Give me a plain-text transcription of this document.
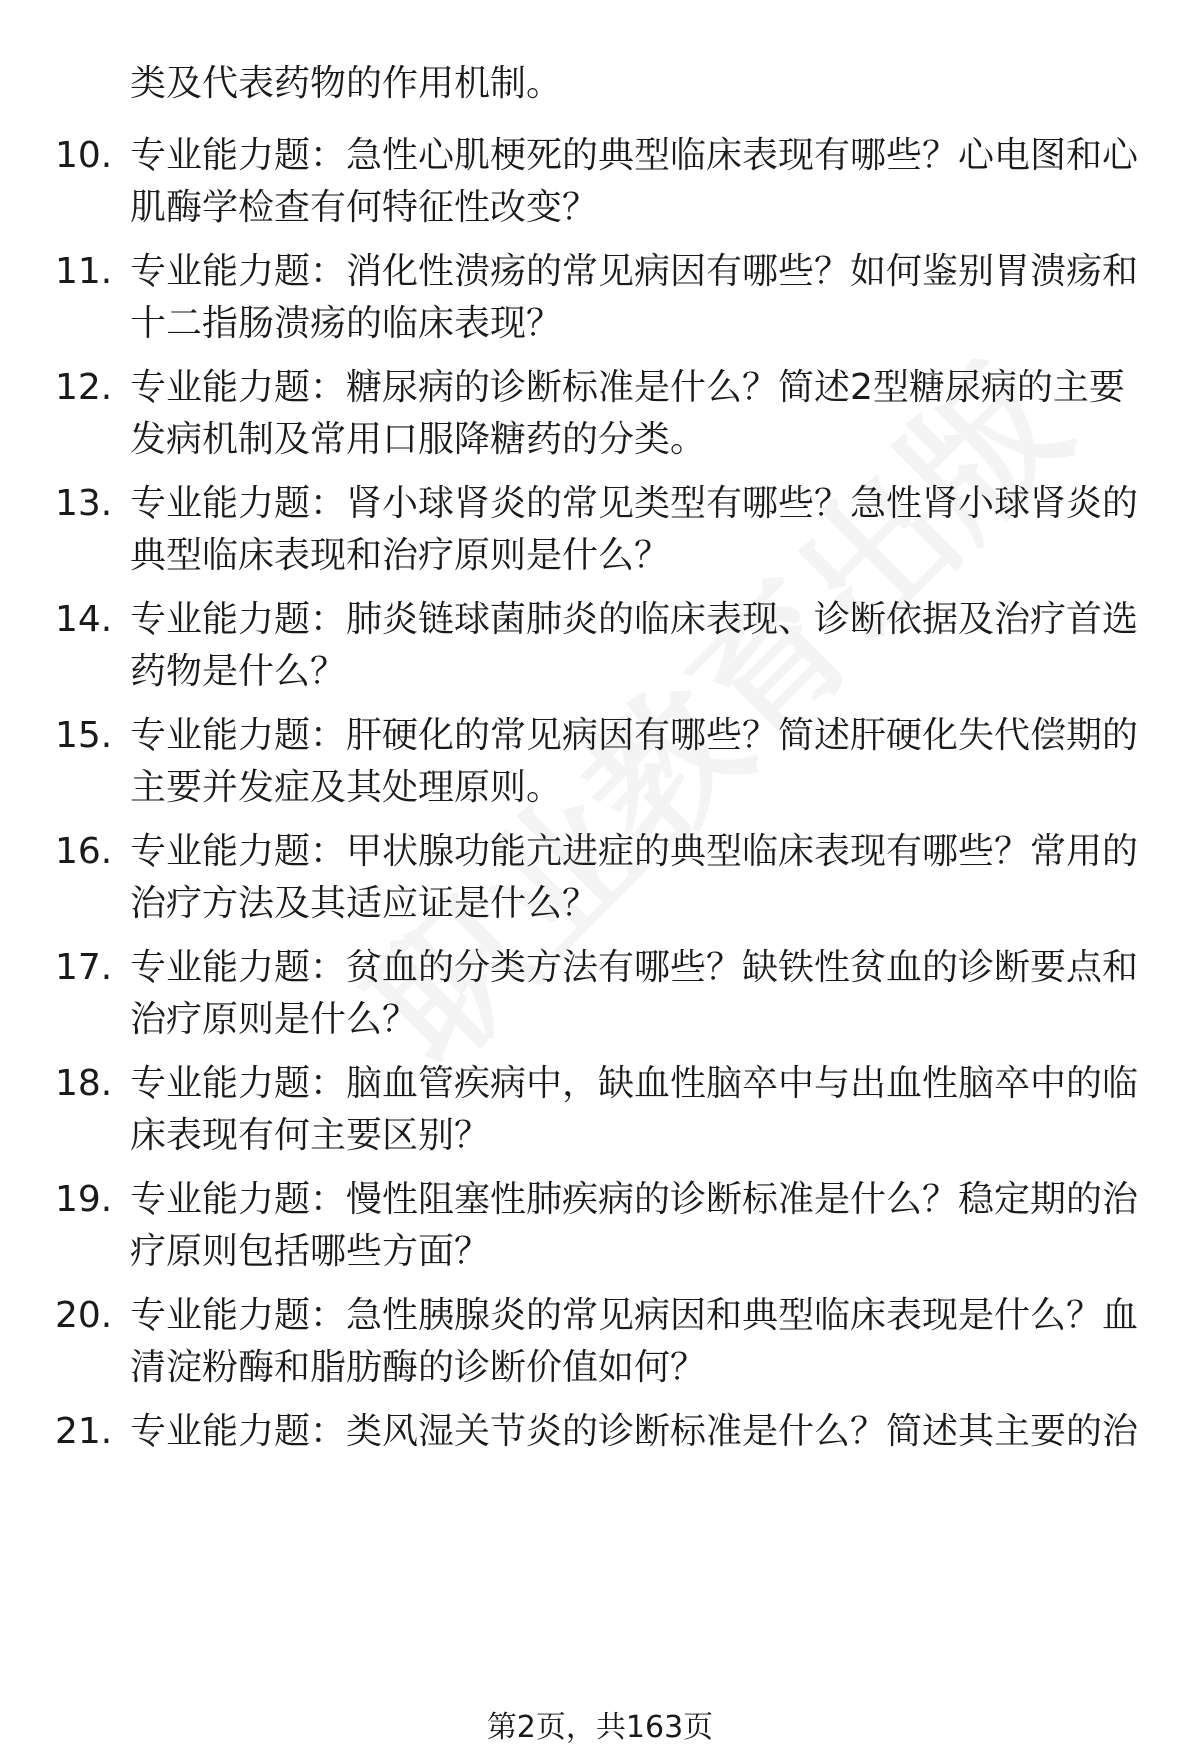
类及代表药物的作用机制。

10. 专业能力题：急性心肌梗死的典型临床表现有哪些？心电图和心肌酶学检查有何特征性改变？

11. 专业能力题：消化性溃疡的常见病因有哪些？如何鉴别胃溃疡和十二指肠溃疡的临床表现？

12. 专业能力题：糖尿病的诊断标准是什么？简述2型糖尿病的主要发病机制及常用口服降糖药的分类。

13. 专业能力题：肾小球肾炎的常见类型有哪些？急性肾小球肾炎的典型临床表现和治疗原则是什么？

14. 专业能力题：肺炎链球菌肺炎的临床表现、诊断依据及治疗首选药物是什么？

15. 专业能力题：肝硬化的常见病因有哪些？简述肝硬化失代偿期的主要并发症及其处理原则。

16. 专业能力题：甲状腺功能亢进症的典型临床表现有哪些？常用的治疗方法及其适应证是什么？

17. 专业能力题：贫血的分类方法有哪些？缺铁性贫血的诊断要点和治疗原则是什么？

18. 专业能力题：脑血管疾病中，缺血性脑卒中与出血性脑卒中的临床表现有何主要区别？

19. 专业能力题：慢性阻塞性肺疾病的诊断标准是什么？稳定期的治疗原则包括哪些方面？

20. 专业能力题：急性胰腺炎的常见病因和典型临床表现是什么？血清淀粉酶和脂肪酶的诊断价值如何？

21. 专业能力题：类风湿关节炎的诊断标准是什么？简述其主要的治

第2页，共163页
